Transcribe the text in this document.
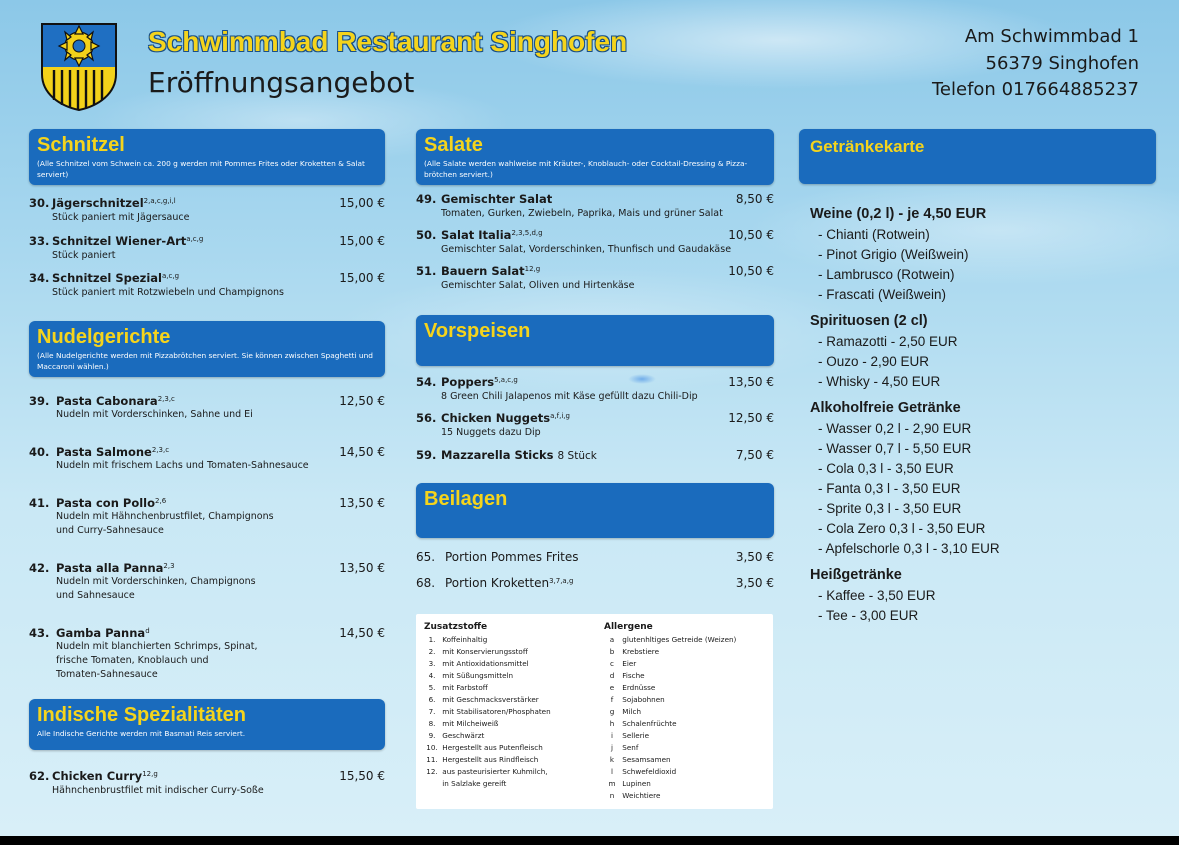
Schwimmbad Restaurant Singhofen
Eröffnungsangebot
Am Schwimmbad 1
56379 Singhofen
Telefon 017664885237
Schnitzel
(Alle Schnitzel vom Schwein ca. 200 g werden mit Pommes Frites oder Kroketten & Salat serviert)
30. Jägerschnitzel$^{2,a,c,g,i,l}$
Stück paniert mit Jägersauce
15,00 €
33. Schnitzel Wiener-Art$^{a,c,g}$
Stück paniert
15,00 €
34. Schnitzel Spezial$^{a,c,g}$
Stück paniert mit Rotzwiebeln und Champignons
15,00 €
Nudelgerichte
(Alle Nudelgerichte werden mit Pizzabrötchen serviert. Sie können zwischen Spaghetti und Maccaroni wählen.)
39. Pasta Cabonara$^{2,3,c}$
Nudeln mit Vorderschinken, Sahne und Ei
12,50 €
40. Pasta Salmone$^{2,3,c}$
Nudeln mit frischem Lachs und Tomaten-Sahnesauce
14,50 €
41. Pasta con Pollo$^{2,6}$
Nudeln mit Hähnchenbrustfilet, Champignons
und Curry-Sahnesauce
13,50 €
42. Pasta alla Panna$^{2,3}$
Nudeln mit Vorderschinken, Champignons
und Sahnesauce
13,50 €
43. Gamba Panna$^d$
Nudeln mit blanchierten Schrimps, Spinat,
frische Tomaten, Knoblauch und
Tomaten-Sahnesauce
14,50 €
Indische Spezialitäten
Alle Indische Gerichte werden mit Basmati Reis serviert.
62. Chicken Curry$^{12,g}$
Hähnchenbrustfilet mit indischer Curry-Soße
15,50 €
Salate
(Alle Salate werden wahlweise mit Kräuter-, Knoblauch- oder Cocktail-Dressing & Pizza-brötchen serviert.)
49. Gemischter Salat
Tomaten, Gurken, Zwiebeln, Paprika, Mais und grüner Salat
8,50 €
50. Salat Italia$^{2,3,5,d,g}$
Gemischter Salat, Vorderschinken, Thunfisch und Gaudakäse
10,50 €
51. Bauern Salat$^{12,g}$
Gemischter Salat, Oliven und Hirtenkäse
10,50 €
Vorspeisen
54. Poppers$^{5,a,c,g}$
8 Green Chili Jalapenos mit Käse gefüllt dazu Chili-Dip
13,50 €
56. Chicken Nuggets$^{a,f,i,g}$
15 Nuggets dazu Dip
12,50 €
59. Mazzarella Sticks 8 Stück	7,50 €
Beilagen
65. Portion Pommes Frites	3,50 €
68. Portion Kroketten$^{3,7,a,g}$	3,50 €
Zusatzstoffe
1. Koffeinhaltig
2. mit Konservierungsstoff
3. mit Antioxidationsmittel
4. mit Süßungsmitteln
5. mit Farbstoff
6. mit Geschmacksverstärker
7. mit Stabilisatoren/Phosphaten
8. mit Milcheiweiß
9. Geschwärzt
10. Hergestellt aus Putenfleisch
11. Hergestellt aus Rindfleisch
12. aus pasteurisierter Kuhmilch,
in Salzlake gereift
Allergene
a glutenhltiges Getreide (Weizen)
b Krebstiere
c Eier
d Fische
e Erdnüsse
f Sojabohnen
g Milch
h Schalenfrüchte
i Sellerie
j Senf
k Sesamsamen
l Schwefeldioxid
m Lupinen
n Weichtiere
Getränkekarte
Weine (0,2 l) - je 4,50 EUR
- Chianti (Rotwein)
- Pinot Grigio (Weißwein)
- Lambrusco (Rotwein)
- Frascati (Weißwein)
Spirituosen (2 cl)
- Ramazotti - 2,50 EUR
- Ouzo - 2,90 EUR
- Whisky - 4,50 EUR
Alkoholfreie Getränke
- Wasser 0,2 l - 2,90 EUR
- Wasser 0,7 l - 5,50 EUR
- Cola 0,3 l - 3,50 EUR
- Fanta 0,3 l - 3,50 EUR
- Sprite 0,3 l - 3,50 EUR
- Cola Zero 0,3 l - 3,50 EUR
- Apfelschorle 0,3 l - 3,10 EUR
Heißgetränke
- Kaffee - 3,50 EUR
- Tee - 3,00 EUR
